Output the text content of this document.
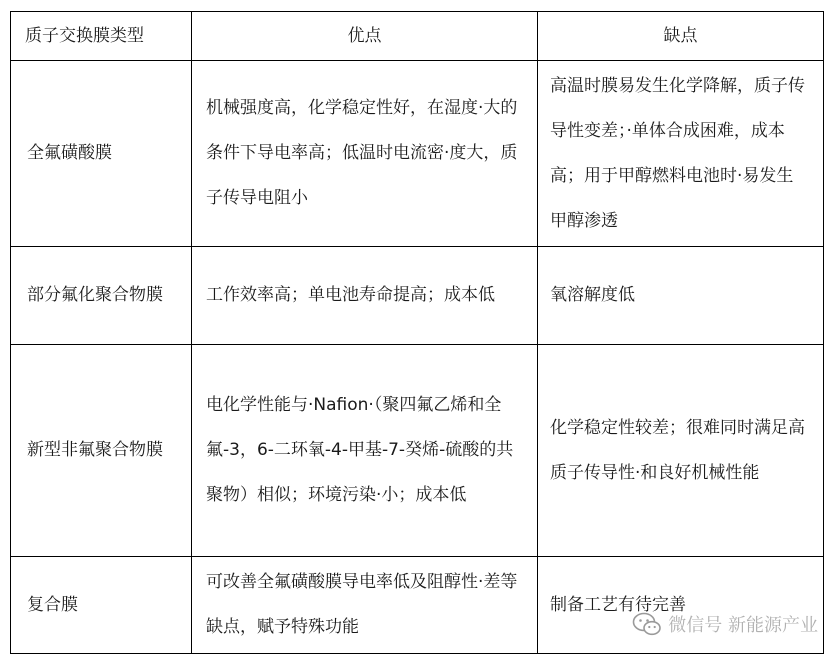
质子交换膜类型	优点	缺点
全氟磺酸膜	机械强度高，化学稳定性好，在湿度·大的条件下导电率高；低温时电流密·度大，质子传导电阻小	高温时膜易发生化学降解，质子传导性变差；·单体合成困难，成本高；用于甲醇燃料电池时·易发生甲醇渗透
部分氟化聚合物膜	工作效率高；单电池寿命提高；成本低	氧溶解度低
新型非氟聚合物膜	电化学性能与·Nafion·（聚四氟乙烯和全氟-3，6-二环氧-4-甲基-7-癸烯-硫酸的共聚物）相似；环境污染·小；成本低	化学稳定性较差；很难同时满足高质子传导性·和良好机械性能
复合膜	可改善全氟磺酸膜导电率低及阻醇性·差等缺点，赋予特殊功能	制备工艺有待完善
微信号 新能源产业
